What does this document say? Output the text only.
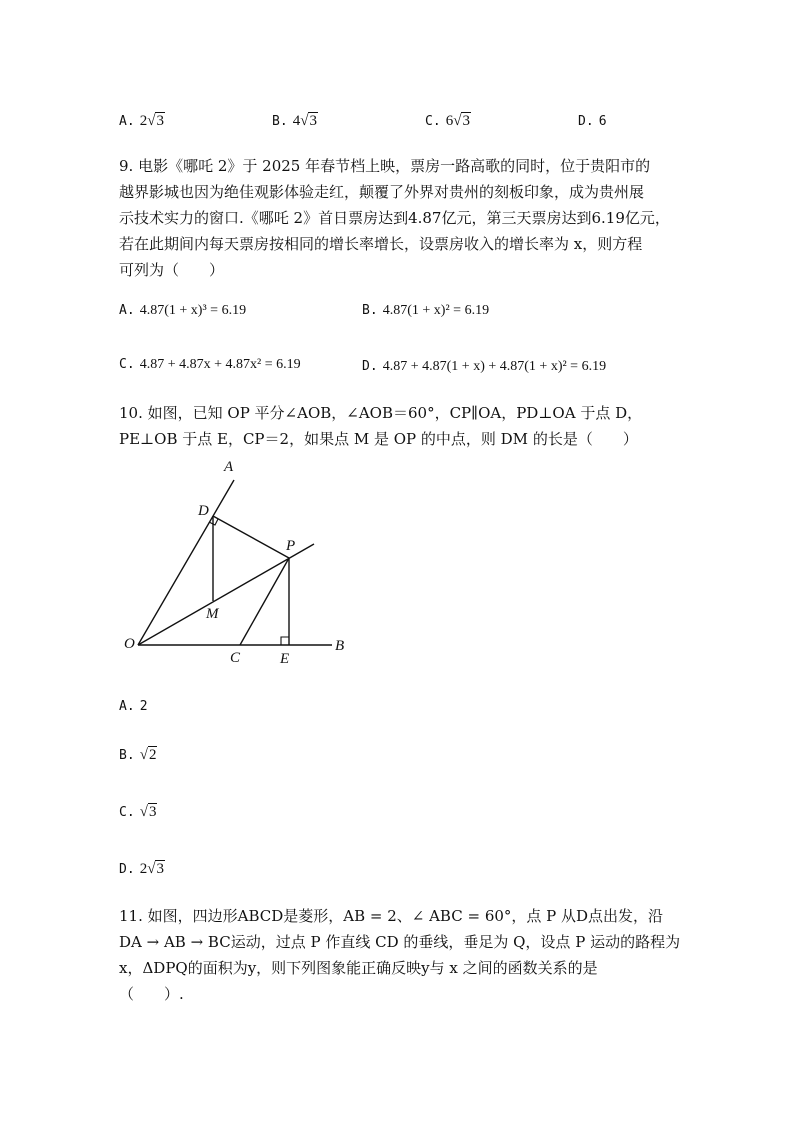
A. 2√3	B. 4√3	C. 6√3	D. 6
9. 电影《哪吒 2》于 2025 年春节档上映，票房一路高歌的同时，位于贵阳市的
越界影城也因为绝佳观影体验走红，颠覆了外界对贵州的刻板印象，成为贵州展
示技术实力的窗口.《哪吒 2》首日票房达到4.87亿元，第三天票房达到6.19亿元，
若在此期间内每天票房按相同的增长率增长，设票房收入的增长率为 x，则方程
可列为（　　）
A. 4.87(1 + x)³ = 6.19	B. 4.87(1 + x)² = 6.19
C. 4.87 + 4.87x + 4.87x² = 6.19	D. 4.87 + 4.87(1 + x) + 4.87(1 + x)² = 6.19
10. 如图，已知 OP 平分∠AOB，∠AOB＝60°，CP∥OA，PD⊥OA 于点 D，
PE⊥OB 于点 E，CP＝2，如果点 M 是 OP 的中点，则 DM 的长是（　　）
A
D
P
M
O
C	E
B
A. 2
B. √2
C. √3
D. 2√3
11. 如图，四边形ABCD是菱形，AB = 2、∠ ABC = 60°，点 P 从D点出发，沿
DA → AB → BC运动，过点 P 作直线 CD 的垂线，垂足为 Q，设点 P 运动的路程为
x，ΔDPQ的面积为y，则下列图象能正确反映y与 x 之间的函数关系的是
（　　）.
